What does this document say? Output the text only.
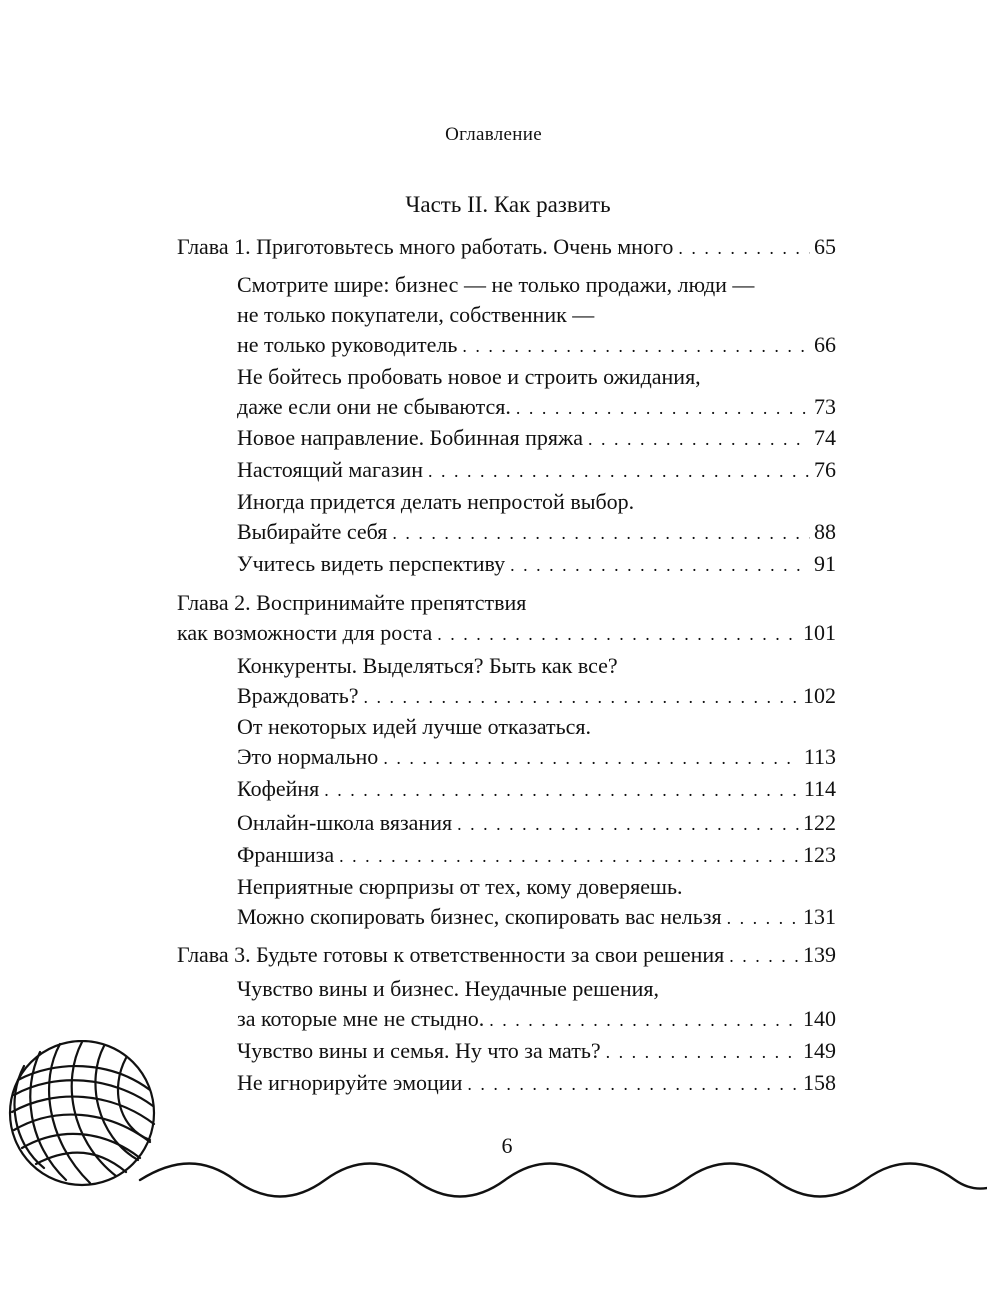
Оглавление
Часть II. Как развить
Глава 1. Приготовьтесь много работать. Очень много . . .	65
Смотрите шире: бизнес — не только продажи, люди —
не только покупатели, собственник —
не только руководитель . . .	66
Не бойтесь пробовать новое и строить ожидания,
даже если они не сбываются. . . .	73
Новое направление. Бобинная пряжа . . .	74
Настоящий магазин . . .	76
Иногда придется делать непростой выбор.
Выбирайте себя . . .	88
Учитесь видеть перспективу . . .	91
Глава 2. Воспринимайте препятствия
как возможности для роста . . .	101
Конкуренты. Выделяться? Быть как все?
Враждовать? . . .	102
От некоторых идей лучше отказаться.
Это нормально . . .	113
Кофейня . . .	114
Онлайн-школа вязания . . .	122
Франшиза . . .	123
Неприятные сюрпризы от тех, кому доверяешь.
Можно скопировать бизнес, скопировать вас нельзя . . .	131
Глава 3. Будьте готовы к ответственности за свои решения . . .	139
Чувство вины и бизнес. Неудачные решения,
за которые мне не стыдно. . . .	140
Чувство вины и семья. Ну что за мать? . . .	149
Не игнорируйте эмоции . . .	158
6
